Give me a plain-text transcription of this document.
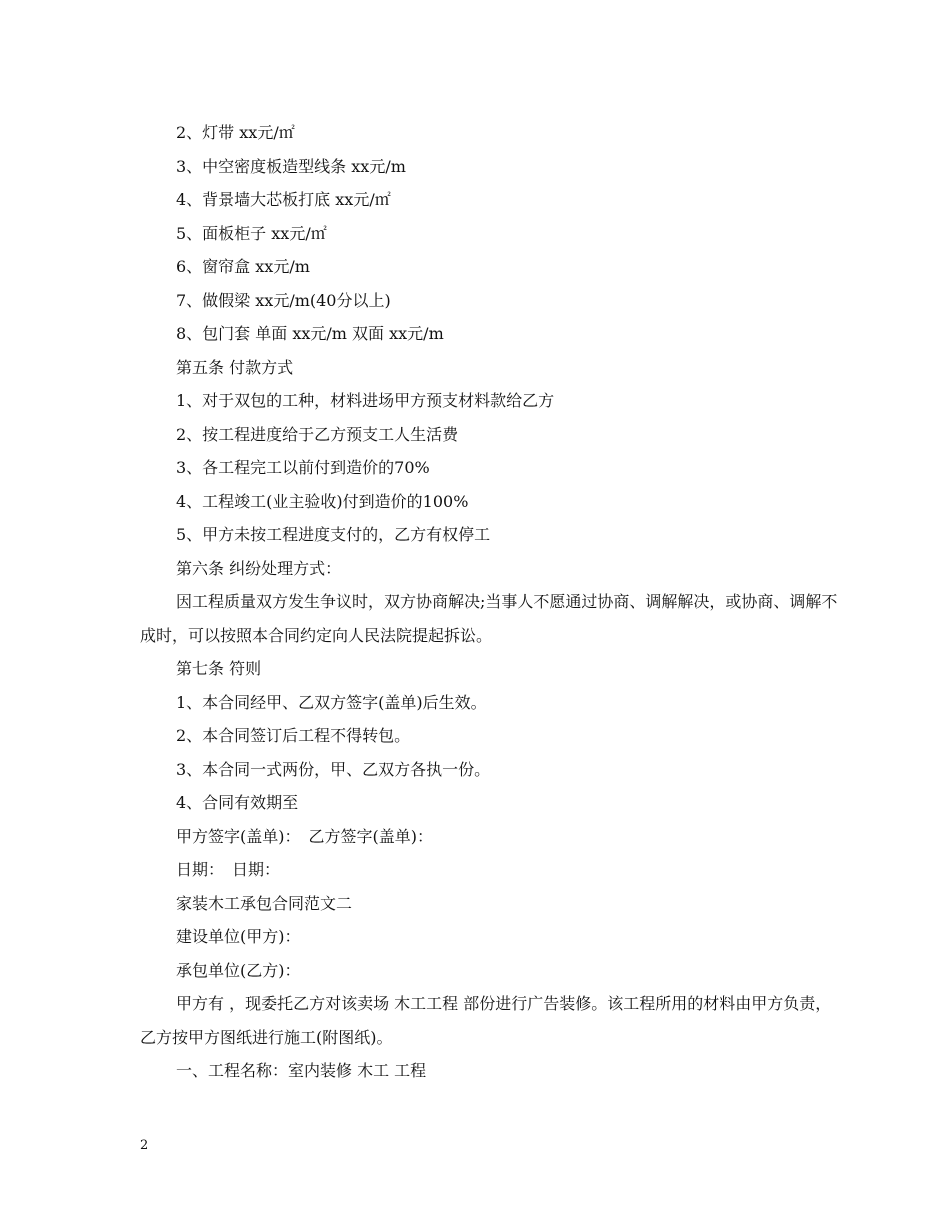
2、灯带 xx元/㎡

3、中空密度板造型线条 xx元/m

4、背景墙大芯板打底 xx元/㎡

5、面板柜子 xx元/㎡

6、窗帘盒 xx元/m

7、做假梁 xx元/m(40分以上)

8、包门套 单面 xx元/m 双面 xx元/m

第五条 付款方式

1、对于双包的工种，材料进场甲方预支材料款给乙方

2、按工程进度给于乙方预支工人生活费

3、各工程完工以前付到造价的70%

4、工程竣工(业主验收)付到造价的100%

5、甲方未按工程进度支付的，乙方有权停工

第六条 纠纷处理方式：

因工程质量双方发生争议时，双方协商解决;当事人不愿通过协商、调解解决，或协商、调解不成时，可以按照本合同约定向人民法院提起拆讼。

第七条 符则

1、本合同经甲、乙双方签字(盖单)后生效。

2、本合同签订后工程不得转包。

3、本合同一式两份，甲、乙双方各执一份。

4、合同有效期至

甲方签字(盖单)：　乙方签字(盖单)：

日期：　日期：

家装木工承包合同范文二

建设单位(甲方)：

承包单位(乙方)：

甲方有 ，现委托乙方对该卖场 木工工程 部份进行广告装修。该工程所用的材料由甲方负责，乙方按甲方图纸进行施工(附图纸)。

一、工程名称：室内装修 木工 工程

2
